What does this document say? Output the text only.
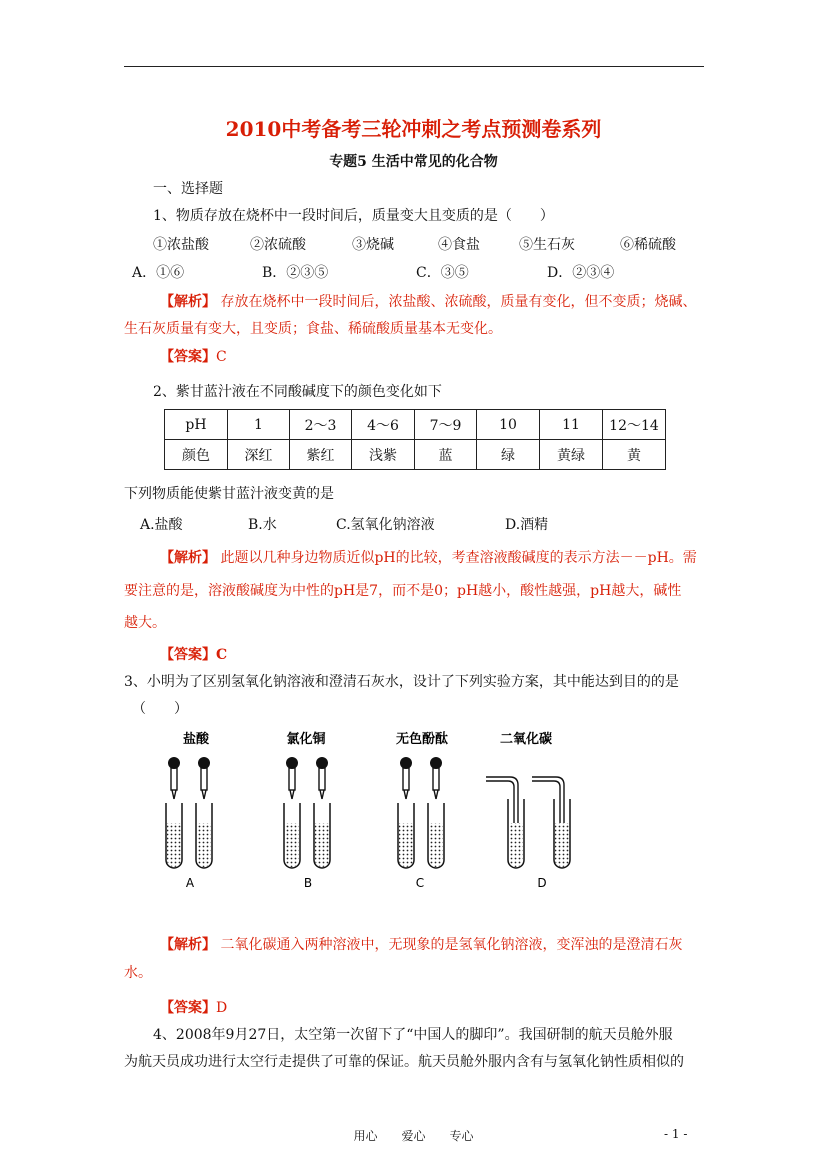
2010中考备考三轮冲刺之考点预测卷系列
专题5 生活中常见的化合物
一、选择题
1、物质存放在烧杯中一段时间后，质量变大且变质的是（　　）
①浓盐酸	②浓硫酸	③烧碱	④食盐	⑤生石灰	⑥稀硫酸
A．①⑥	B．②③⑤	C．③⑤	D．②③④
【解析】 存放在烧杯中一段时间后，浓盐酸、浓硫酸，质量有变化，但不变质；烧碱、
生石灰质量有变大，且变质；食盐、稀硫酸质量基本无变化。
【答案】C
2、紫甘蓝汁液在不同酸碱度下的颜色变化如下
pH	1	2～3	4～6	7～9	10	11	12～14
颜色	深红	紫红	浅紫	蓝	绿	黄绿	黄
下列物质能使紫甘蓝汁液变黄的是
A.盐酸	B.水	C.氢氧化钠溶液	D.酒精
【解析】 此题以几种身边物质近似pH的比较，考查溶液酸碱度的表示方法－－pH。需
要注意的是，溶液酸碱度为中性的pH是7，而不是0；pH越小，酸性越强，pH越大，碱性
越大。
【答案】C
3、小明为了区别氢氧化钠溶液和澄清石灰水，设计了下列实验方案，其中能达到目的的是
（　　）
盐酸	氯化铜	无色酚酞	二氧化碳
A	B	C	D
【解析】 二氧化碳通入两种溶液中，无现象的是氢氧化钠溶液，变浑浊的是澄清石灰
水。
【答案】D
4、2008年9月27日，太空第一次留下了“中国人的脚印”。我国研制的航天员舱外服
为航天员成功进行太空行走提供了可靠的保证。航天员舱外服内含有与氢氧化钠性质相似的
用心　　爱心　　专心	- 1 -
